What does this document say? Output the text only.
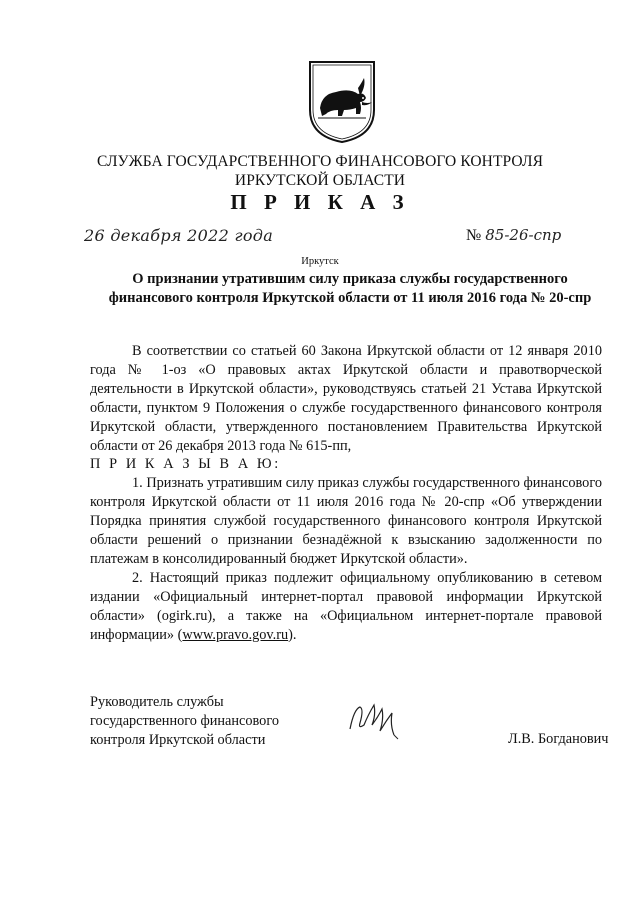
СЛУЖБА ГОСУДАРСТВЕННОГО ФИНАНСОВОГО КОНТРОЛЯ
ИРКУТСКОЙ ОБЛАСТИ
П Р И К А З
26 декабря 2022 года	№ 85-26-спр
Иркутск
О признании утратившим силу приказа службы государственного
финансового контроля Иркутской области от 11 июля 2016 года № 20-спр

В соответствии со статьей 60 Закона Иркутской области от 12 января 2010 года № 1-оз «О правовых актах Иркутской области и правотворческой деятельности в Иркутской области», руководствуясь статьей 21 Устава Иркутской области, пунктом 9 Положения о службе государственного финансового контроля Иркутской области, утвержденного постановлением Правительства Иркутской области от 26 декабря 2013 года № 615-пп,

П Р И К А З Ы В А Ю:

1. Признать утратившим силу приказ службы государственного финансового контроля Иркутской области от 11 июля 2016 года № 20-спр «Об утверждении Порядка принятия службой государственного финансового контроля Иркутской области решений о признании безнадёжной к взысканию задолженности по платежам в консолидированный бюджет Иркутской области».

2. Настоящий приказ подлежит официальному опубликованию в сетевом издании «Официальный интернет-портал правовой информации Иркутской области» (ogirk.ru), а также на «Официальном интернет-портале правовой информации» (www.pravo.gov.ru).

Руководитель службы
государственного финансового
контроля Иркутской области	Л.В. Богданович
